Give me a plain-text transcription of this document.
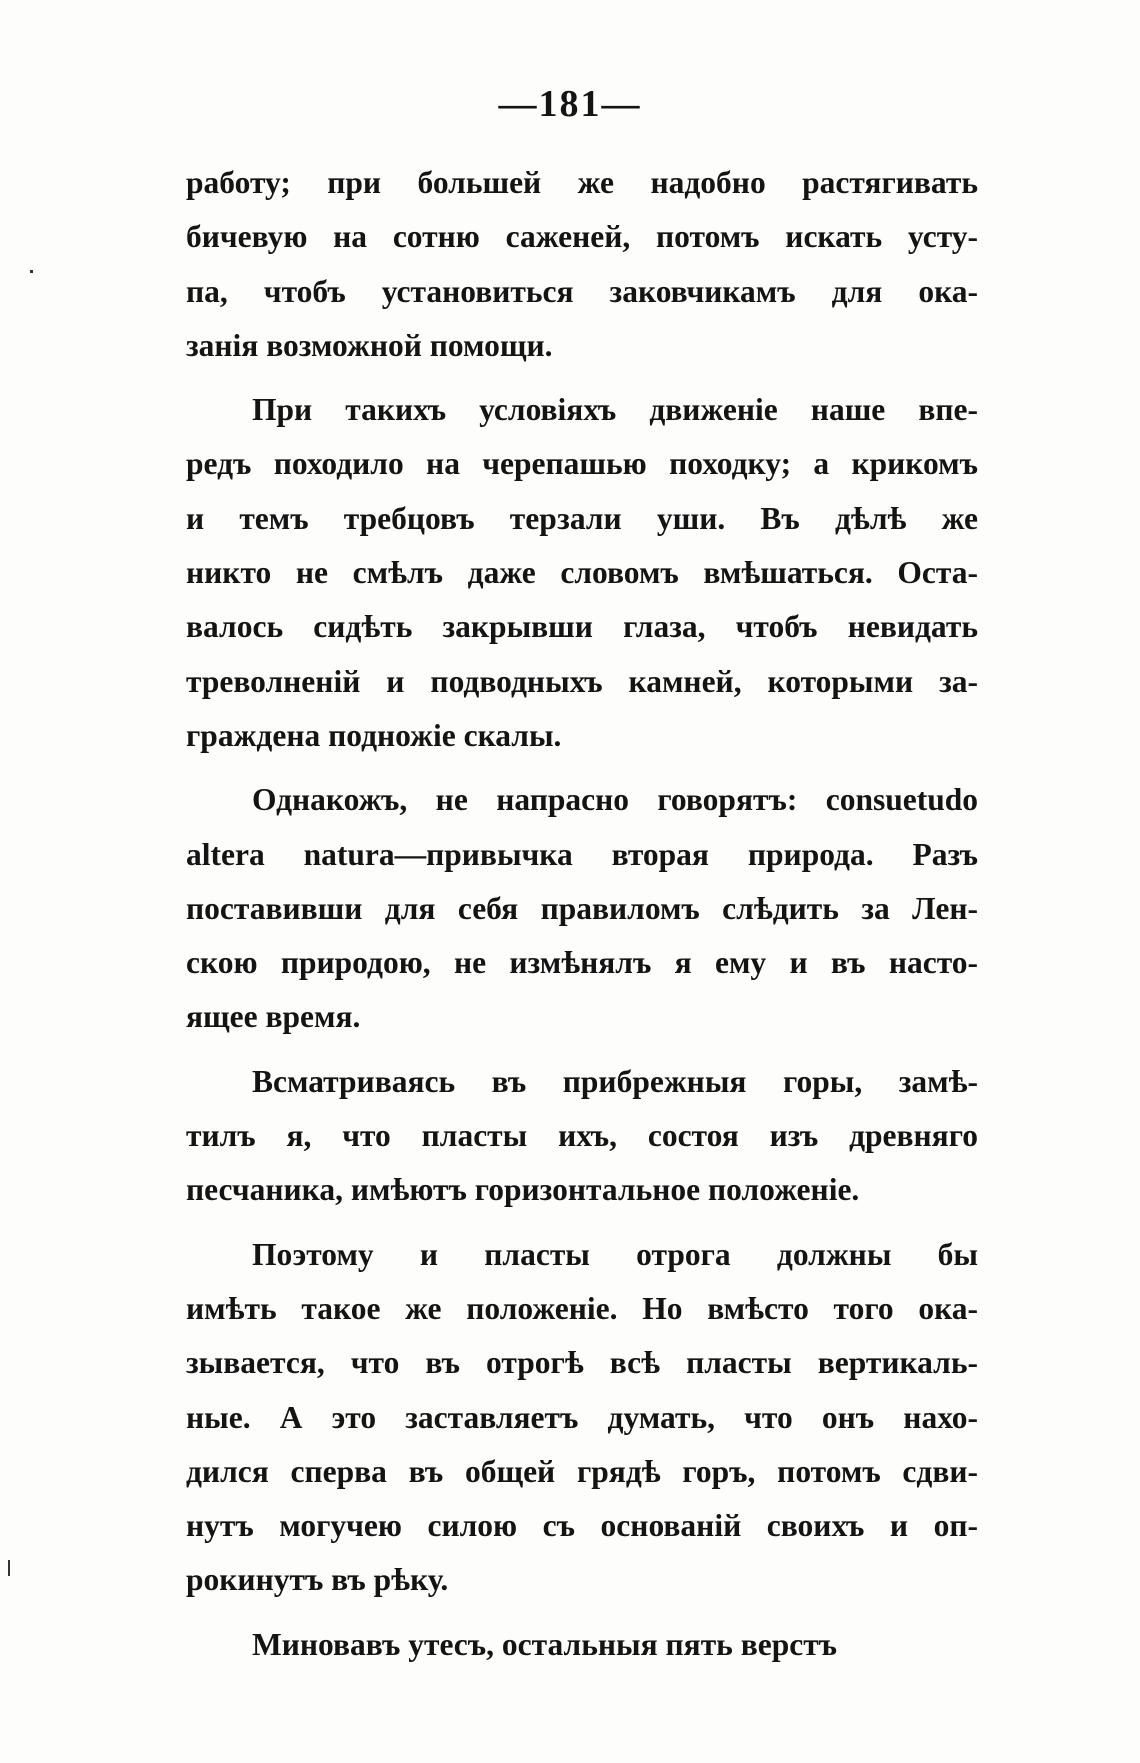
—181—
работу; при большей же надобно растягивать
бичевую на сотню саженей, потомъ искать усту-
па, чтобъ установиться заковчикамъ для ока-
занія возможной помощи.
При такихъ условіяхъ движеніе наше впе-
редъ походило на черепашью походку; а крикомъ
и темъ требцовъ терзали уши. Въ дѣлѣ же
никто не смѣлъ даже словомъ вмѣшаться. Оста-
валось сидѣть закрывши глаза, чтобъ невидать
треволненій и подводныхъ камней, которыми за-
граждена подножіе скалы.
Однакожъ, не напрасно говорятъ: consuetudo
altera natura—привычка вторая природа. Разъ
поставивши для себя правиломъ слѣдить за Лен-
скою природою, не измѣнялъ я ему и въ насто-
ящее время.
Всматриваясь въ прибрежныя горы, замѣ-
тилъ я, что пласты ихъ, состоя изъ древняго
песчаника, имѣютъ горизонтальное положеніе.
Поэтому и пласты отрога должны бы
имѣть такое же положеніе. Но вмѣсто того ока-
зывается, что въ отрогѣ всѣ пласты вертикаль-
ные. А это заставляетъ думать, что онъ нахо-
дился сперва въ общей грядѣ горъ, потомъ сдви-
нутъ могучею силою съ основаній своихъ и оп-
рокинутъ въ рѣку.
Миновавъ утесъ, остальныя пять верстъ
